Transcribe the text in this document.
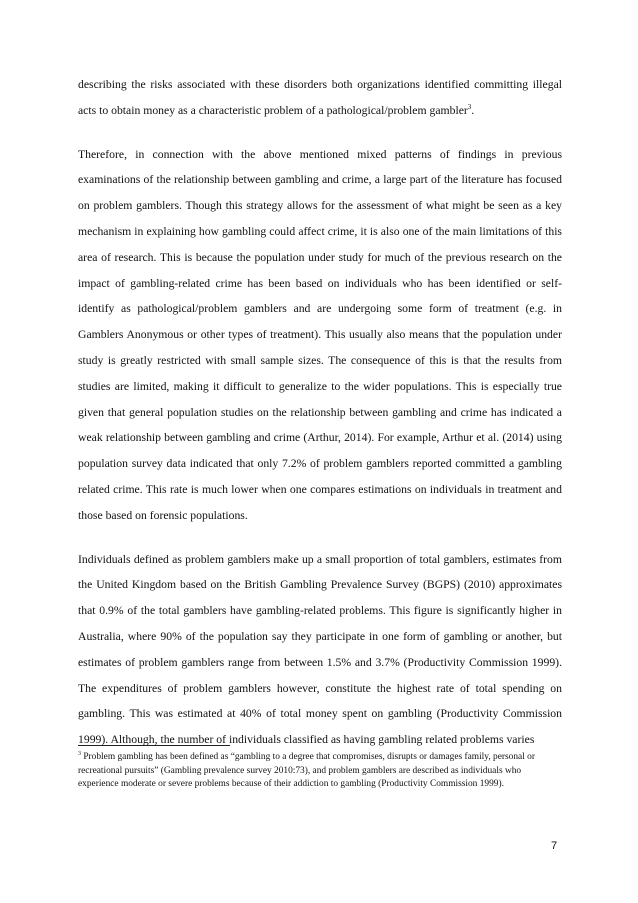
describing the risks associated with these disorders both organizations identified committing illegal acts to obtain money as a characteristic problem of a pathological/problem gambler$^3$.

Therefore, in connection with the above mentioned mixed patterns of findings in previous examinations of the relationship between gambling and crime, a large part of the literature has focused on problem gamblers. Though this strategy allows for the assessment of what might be seen as a key mechanism in explaining how gambling could affect crime, it is also one of the main limitations of this area of research. This is because the population under study for much of the previous research on the impact of gambling-related crime has been based on individuals who has been identified or self-identify as pathological/problem gamblers and are undergoing some form of treatment (e.g. in Gamblers Anonymous or other types of treatment). This usually also means that the population under study is greatly restricted with small sample sizes. The consequence of this is that the results from studies are limited, making it difficult to generalize to the wider populations. This is especially true given that general population studies on the relationship between gambling and crime has indicated a weak relationship between gambling and crime (Arthur, 2014). For example, Arthur et al. (2014) using population survey data indicated that only 7.2% of problem gamblers reported committed a gambling related crime. This rate is much lower when one compares estimations on individuals in treatment and those based on forensic populations.

Individuals defined as problem gamblers make up a small proportion of total gamblers, estimates from the United Kingdom based on the British Gambling Prevalence Survey (BGPS) (2010) approximates that 0.9% of the total gamblers have gambling-related problems. This figure is significantly higher in Australia, where 90% of the population say they participate in one form of gambling or another, but estimates of problem gamblers range from between 1.5% and 3.7% (Productivity Commission 1999). The expenditures of problem gamblers however, constitute the highest rate of total spending on gambling. This was estimated at 40% of total money spent on gambling (Productivity Commission 1999). Although, the number of individuals classified as having gambling related problems varies

$^3$ Problem gambling has been defined as “gambling to a degree that compromises, disrupts or damages family, personal or recreational pursuits” (Gambling prevalence survey 2010:73), and problem gamblers are described as individuals who experience moderate or severe problems because of their addiction to gambling (Productivity Commission 1999).

7
